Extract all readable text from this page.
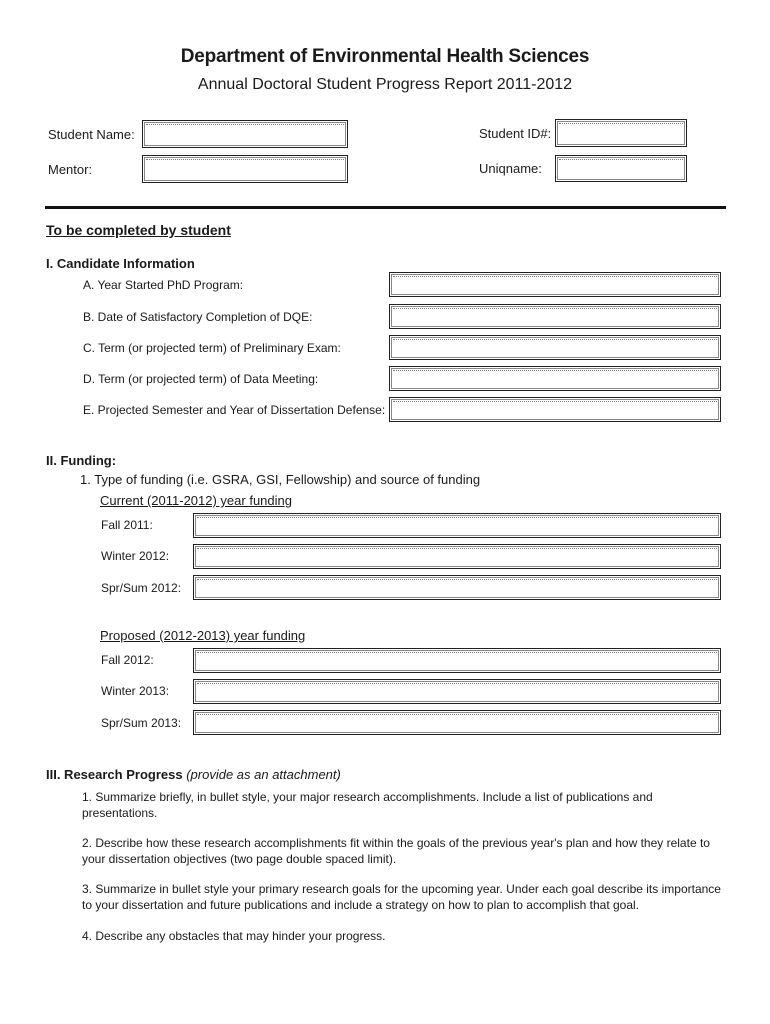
Department of Environmental Health Sciences
Annual Doctoral Student Progress Report 2011-2012
Student Name:	Student ID#:
Mentor:	Uniqname:
To be completed by student
I. Candidate Information
A. Year Started PhD Program:
B. Date of Satisfactory Completion of DQE:
C. Term (or projected term) of Preliminary Exam:
D. Term (or projected term) of Data Meeting:
E. Projected Semester and Year of Dissertation Defense:
II. Funding:
1. Type of funding (i.e. GSRA, GSI, Fellowship) and source of funding
Current (2011-2012) year funding
Fall 2011:
Winter 2012:
Spr/Sum 2012:
Proposed (2012-2013) year funding
Fall 2012:
Winter 2013:
Spr/Sum 2013:
III. Research Progress (provide as an attachment)
1. Summarize briefly, in bullet style, your major research accomplishments. Include a list of publications and presentations.
2. Describe how these research accomplishments fit within the goals of the previous year's plan and how they relate to your dissertation objectives (two page double spaced limit).
3. Summarize in bullet style your primary research goals for the upcoming year. Under each goal describe its importance to your dissertation and future publications and include a strategy on how to plan to accomplish that goal.
4. Describe any obstacles that may hinder your progress.
